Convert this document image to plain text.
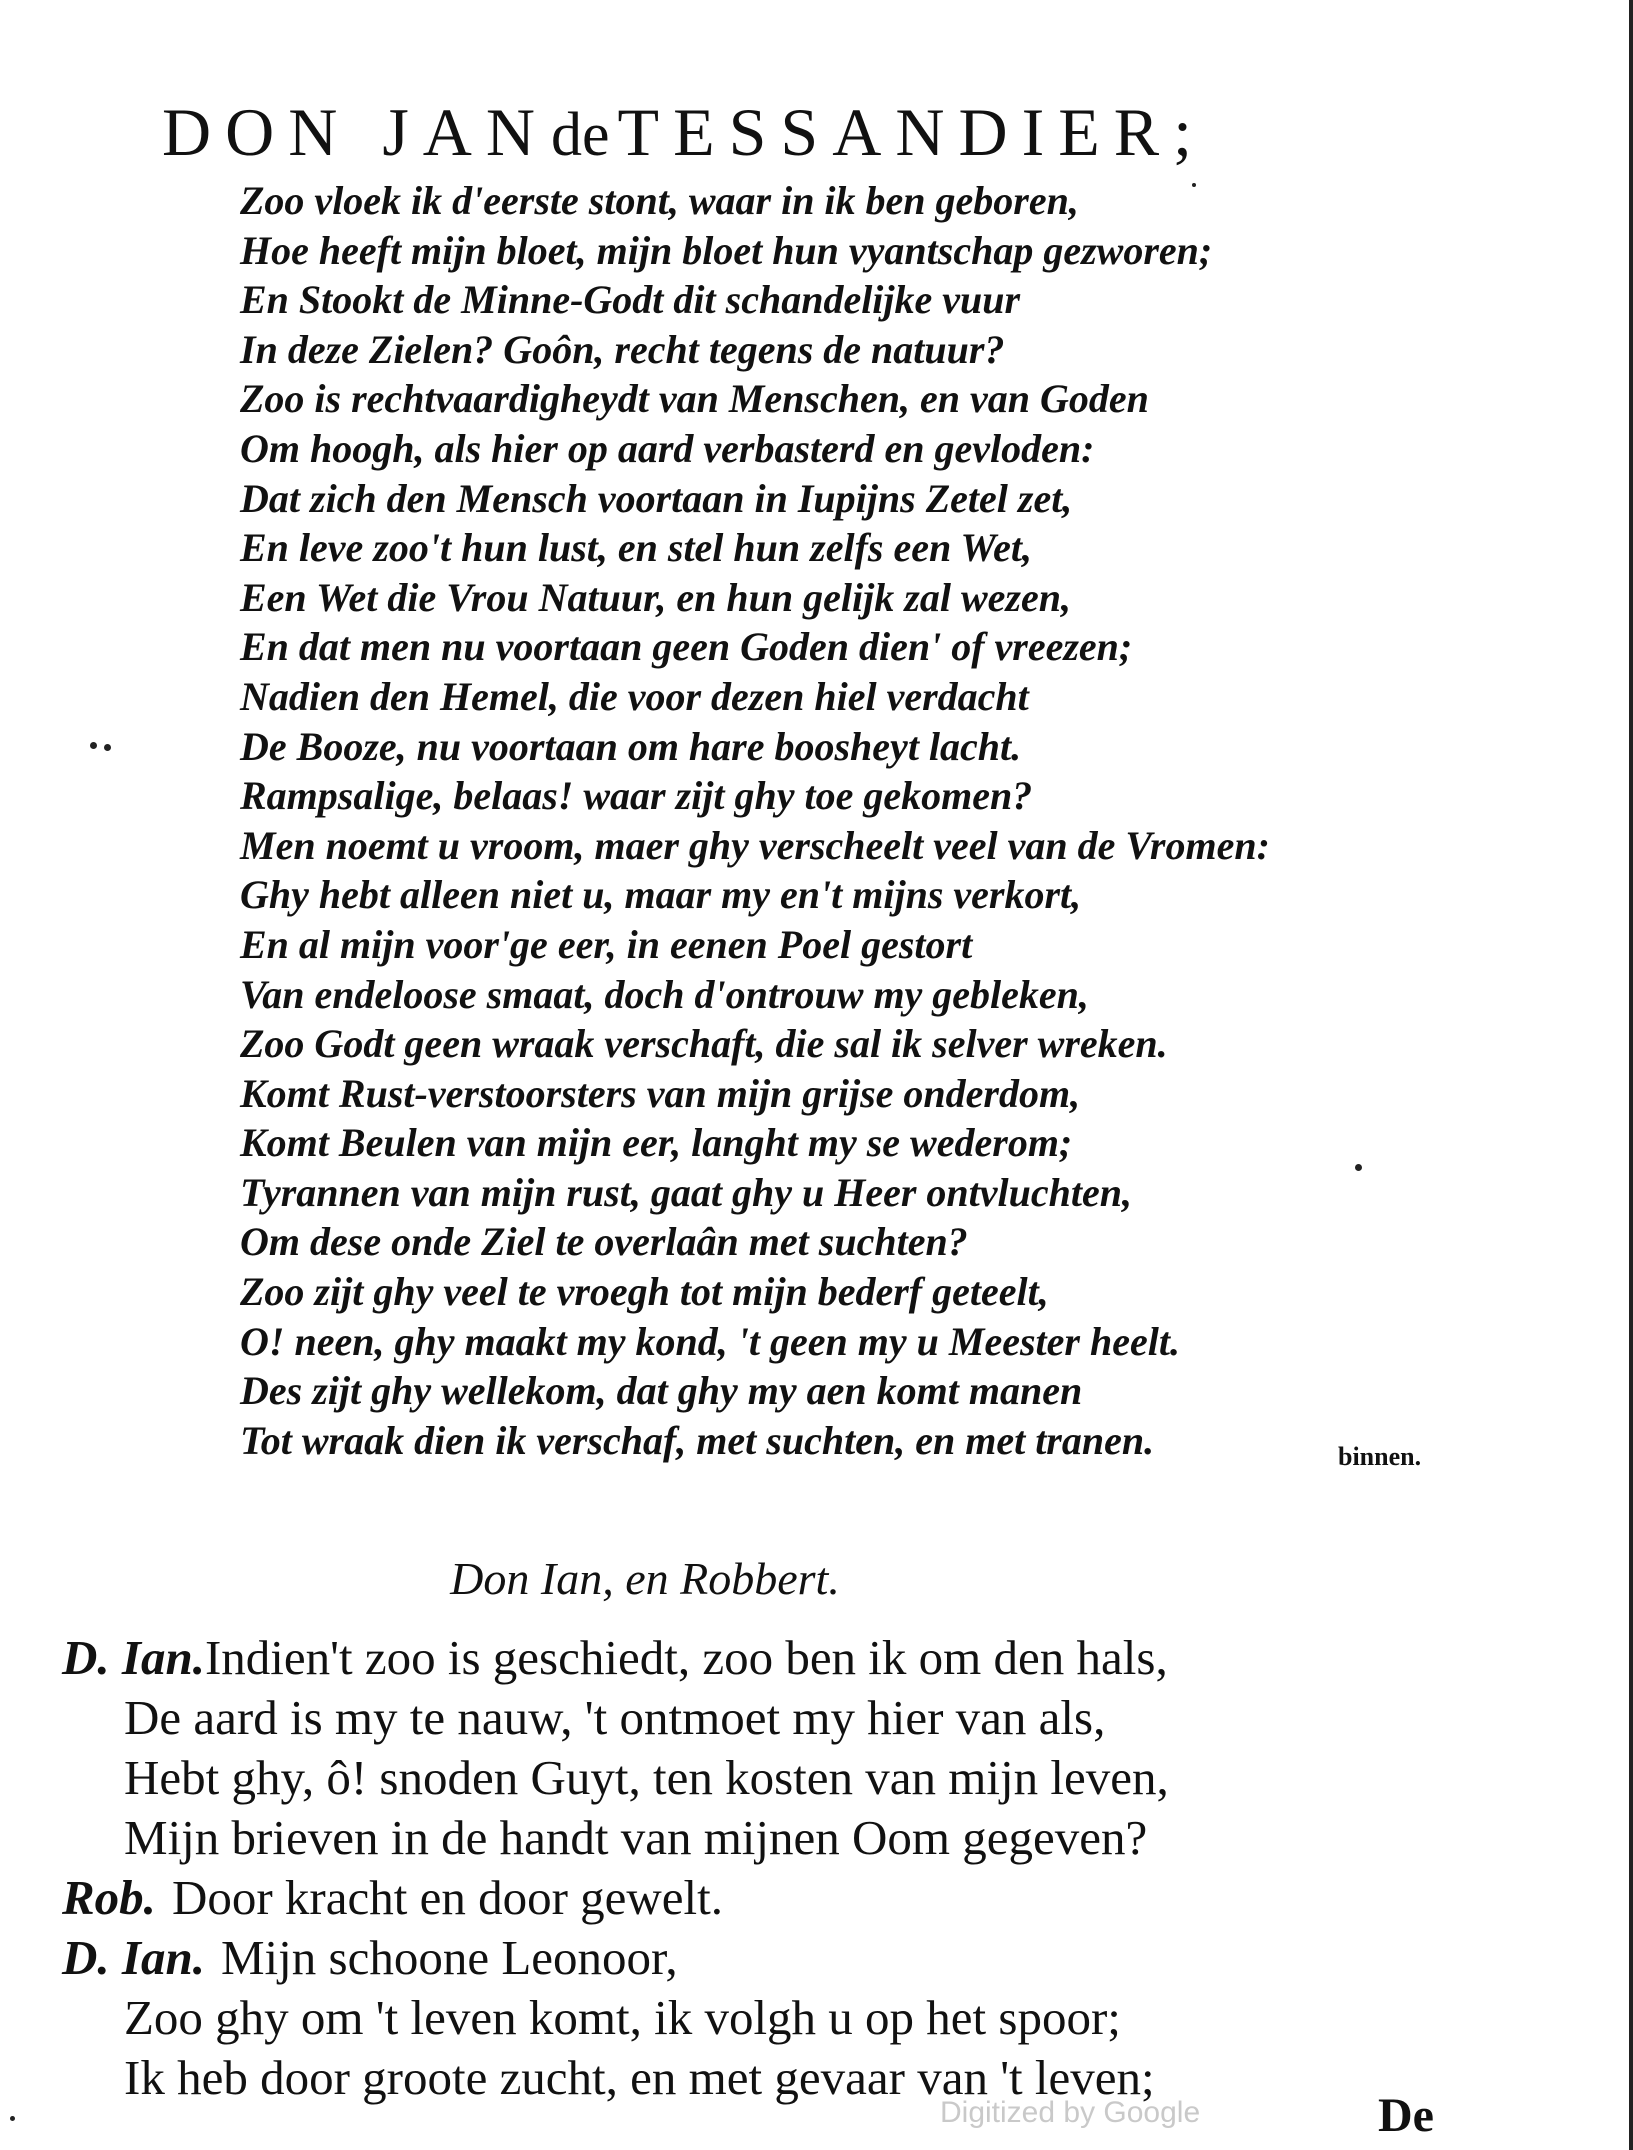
DON JANde TESSANDIER;
Zoo vloek ik d'eerste stont, waar in ik ben geboren,
Hoe heeft mijn bloet, mijn bloet hun vyantschap gezworen;
En Stookt de Minne-Godt dit schandelijke vuur
In deze Zielen? Goôn, recht tegens de natuur?
Zoo is rechtvaardigheydt van Menschen, en van Goden
Om hoogh, als hier op aard verbasterd en gevloden:
Dat zich den Mensch voortaan in Iupijns Zetel zet,
En leve zoo't hun lust, en stel hun zelfs een Wet,
Een Wet die Vrou Natuur, en hun gelijk zal wezen,
En dat men nu voortaan geen Goden dien' of vreezen;
Nadien den Hemel, die voor dezen hiel verdacht
De Booze, nu voortaan om hare boosheyt lacht.
Rampsalige, belaas! waar zijt ghy toe gekomen?
Men noemt u vroom, maer ghy verscheelt veel van de Vromen:
Ghy hebt alleen niet u, maar my en't mijns verkort,
En al mijn voor'ge eer, in eenen Poel gestort
Van endeloose smaat, doch d'ontrouw my gebleken,
Zoo Godt geen wraak verschaft, die sal ik selver wreken.
Komt Rust-verstoorsters van mijn grijse onderdom,
Komt Beulen van mijn eer, langht my se wederom;
Tyrannen van mijn rust, gaat ghy u Heer ontvluchten,
Om dese onde Ziel te overlaân met suchten?
Zoo zijt ghy veel te vroegh tot mijn bederf geteelt,
O! neen, ghy maakt my kond, 't geen my u Meester heelt.
Des zijt ghy wellekom, dat ghy my aen komt manen
Tot wraak dien ik verschaf, met suchten, en met tranen.	binnen.
Don Ian, en Robbert.
D. Ian.Indien't zoo is geschiedt, zoo ben ik om den hals,
De aard is my te nauw, 't ontmoet my hier van als,
Hebt ghy, ô! snoden Guyt, ten kosten van mijn leven,
Mijn brieven in de handt van mijnen Oom gegeven?
Rob. Door kracht en door gewelt.
D. Ian. Mijn schoone Leonoor,
Zoo ghy om 't leven komt, ik volgh u op het spoor;
Ik heb door groote zucht, en met gevaar van 't leven;
Digitized by Google	De
